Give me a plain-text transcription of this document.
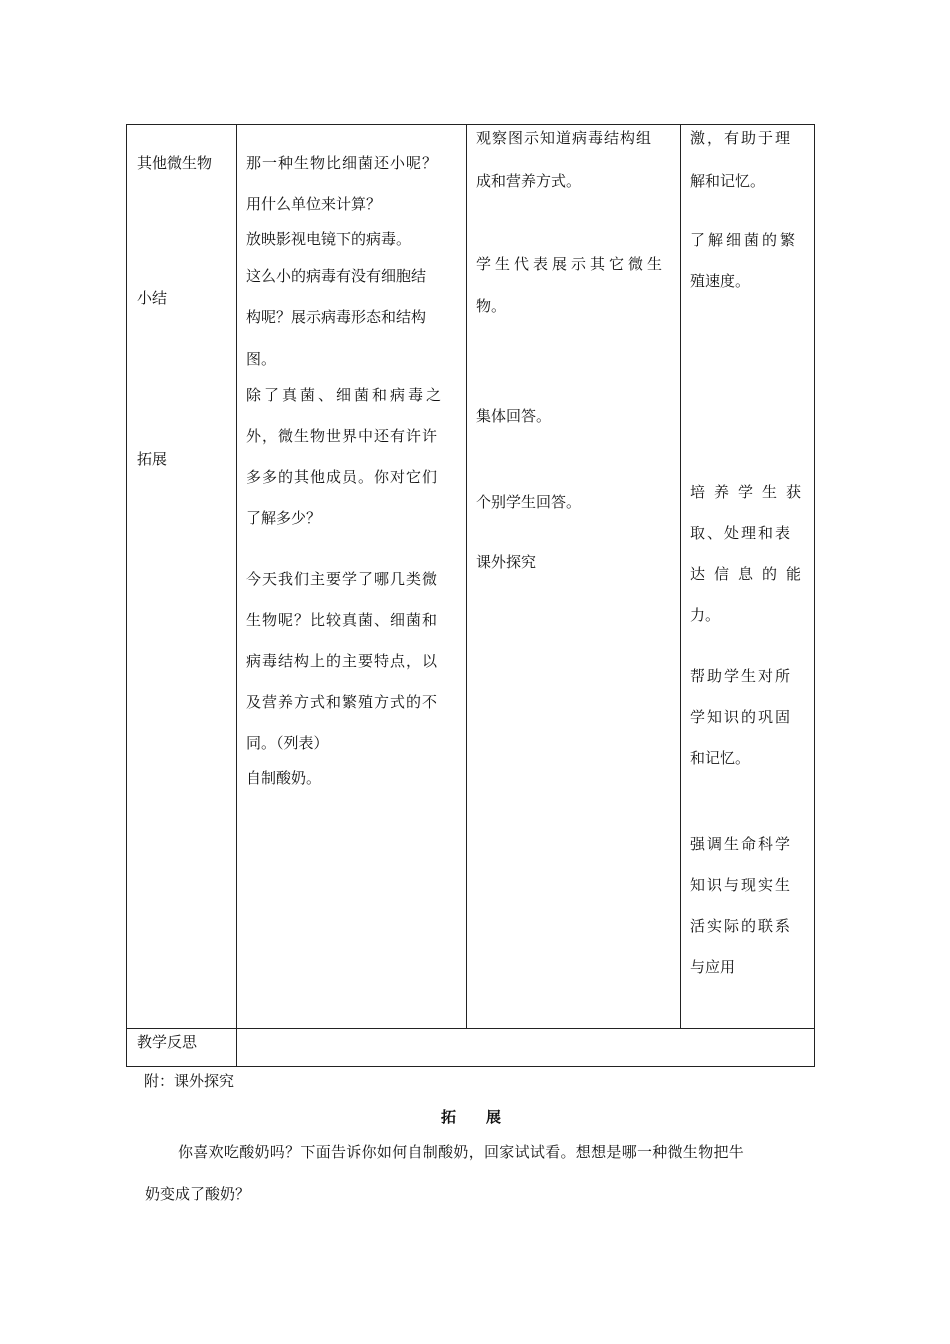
其他微生物
小结
拓展
教学反思
那一种生物比细菌还小呢？
用什么单位来计算？
放映影视电镜下的病毒。
这么小的病毒有没有细胞结
构呢？展示病毒形态和结构
图。
除了真菌、细菌和病毒之
外，微生物世界中还有许许
多多的其他成员。你对它们
了解多少？
今天我们主要学了哪几类微
生物呢？比较真菌、细菌和
病毒结构上的主要特点，以
及营养方式和繁殖方式的不
同。（列表）
自制酸奶。
观察图示知道病毒结构组
成和营养方式。
学生代表展示其它微生
物。
集体回答。
个别学生回答。
课外探究
激，有助于理
解和记忆。
了解细菌的繁
殖速度。
培养学生获
取、处理和表
达信息的能
力。
帮助学生对所
学知识的巩固
和记忆。
强调生命科学
知识与现实生
活实际的联系
与应用
附：课外探究
拓　　展
你喜欢吃酸奶吗？下面告诉你如何自制酸奶，回家试试看。想想是哪一种微生物把牛
奶变成了酸奶？
